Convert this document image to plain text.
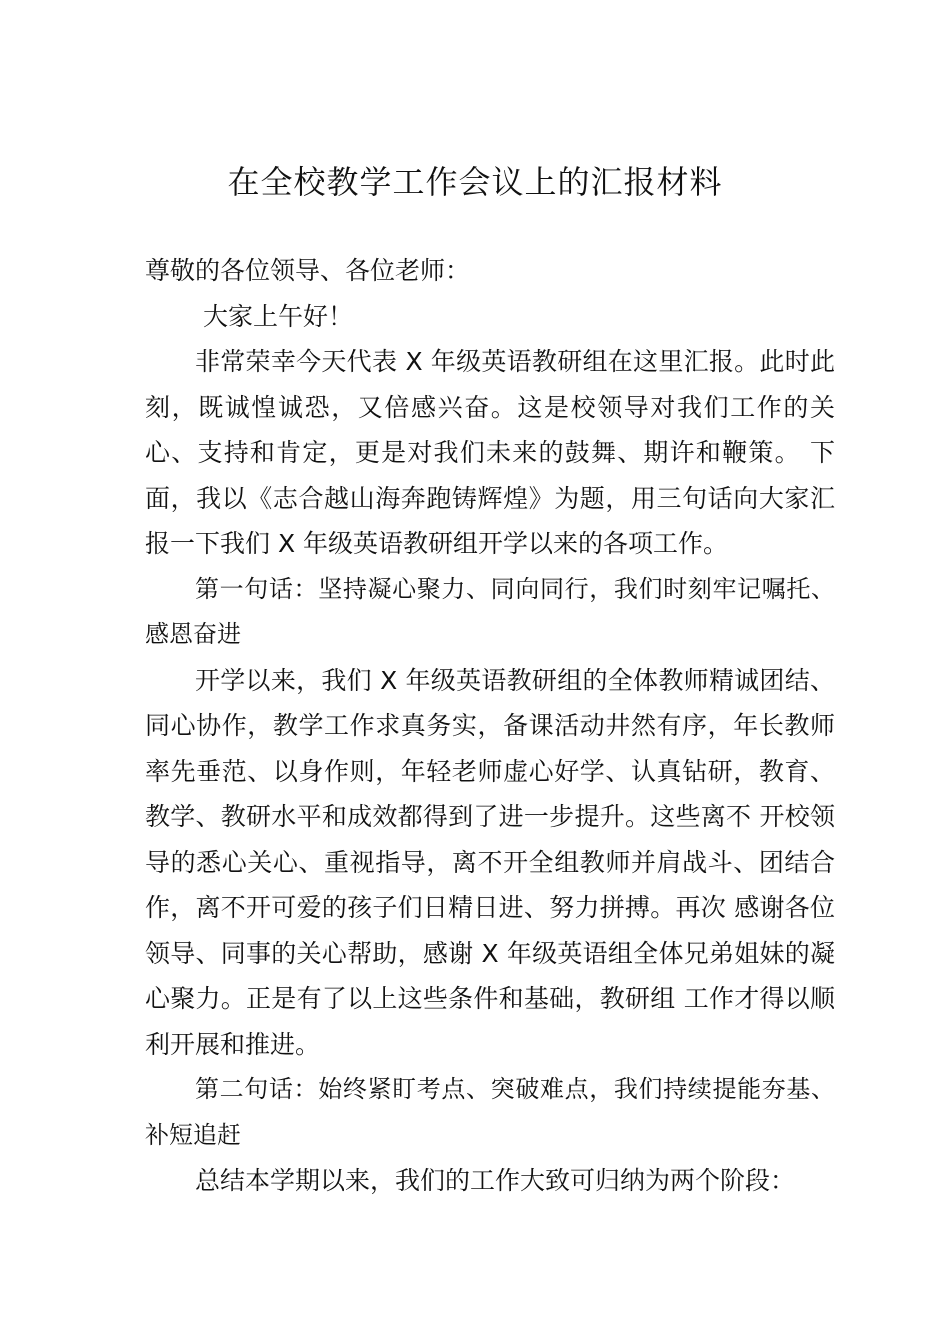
在全校教学工作会议上的汇报材料

尊敬的各位领导、各位老师：

大家上午好！

非常荣幸今天代表 X 年级英语教研组在这里汇报。此时此刻，既诚惶诚恐，又倍感兴奋。这是校领导对我们工作的关心、支持和肯定，更是对我们未来的鼓舞、期许和鞭策。 下面，我以《志合越山海奔跑铸辉煌》为题，用三句话向大家汇报一下我们 X 年级英语教研组开学以来的各项工作。

第一句话：坚持凝心聚力、同向同行，我们时刻牢记嘱托、感恩奋进

开学以来，我们 X 年级英语教研组的全体教师精诚团结、同心协作，教学工作求真务实，备课活动井然有序，年长教师率先垂范、以身作则，年轻老师虚心好学、认真钻研，教育、教学、教研水平和成效都得到了进一步提升。这些离不 开校领导的悉心关心、重视指导，离不开全组教师并肩战斗、团结合作，离不开可爱的孩子们日精日进、努力拼搏。再次 感谢各位领导、同事的关心帮助，感谢 X 年级英语组全体兄弟姐妹的凝心聚力。正是有了以上这些条件和基础，教研组 工作才得以顺利开展和推进。

第二句话：始终紧盯考点、突破难点，我们持续提能夯基、补短追赶

总结本学期以来，我们的工作大致可归纳为两个阶段：
